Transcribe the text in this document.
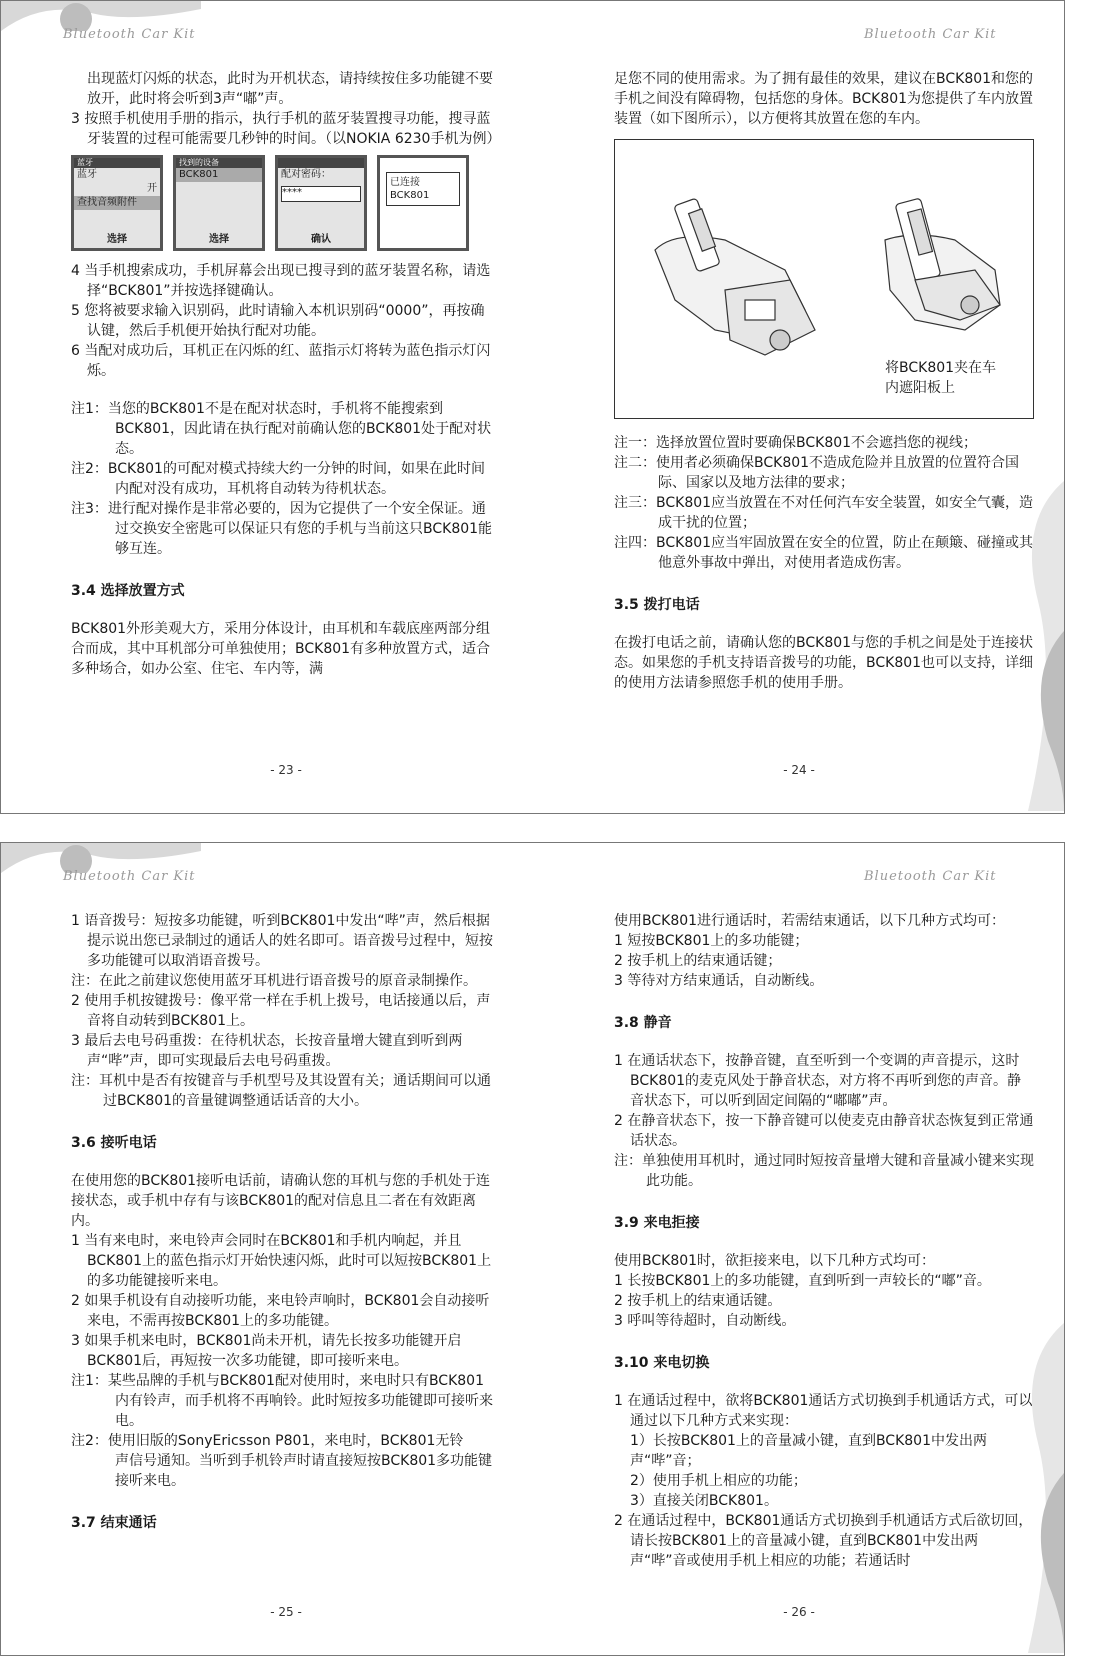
Bluetooth Car Kit

出现蓝灯闪烁的状态，此时为开机状态，请持续按住多功能键不要放开，此时将会听到3声“嘟”声。

3 按照手机使用手册的指示，执行手机的蓝牙装置搜寻功能，搜寻蓝牙装置的过程可能需要几秒钟的时间。（以NOKIA 6230手机为例）

蓝牙
蓝牙
开
查找音频附件
选择
找到的设备
BCK801
选择
配对密码：
****
确认
已连接
BCK801

4 当手机搜索成功，手机屏幕会出现已搜寻到的蓝牙装置名称，请选择“BCK801”并按选择键确认。

5 您将被要求输入识别码，此时请输入本机识别码“0000”，再按确认键，然后手机便开始执行配对功能。

6 当配对成功后，耳机正在闪烁的红、蓝指示灯将转为蓝色指示灯闪烁。

注1：当您的BCK801不是在配对状态时，手机将不能搜索到BCK801，因此请在执行配对前确认您的BCK801处于配对状态。

注2：BCK801的可配对模式持续大约一分钟的时间，如果在此时间内配对没有成功，耳机将自动转为待机状态。

注3：进行配对操作是非常必要的，因为它提供了一个安全保证。通过交换安全密匙可以保证只有您的手机与当前这只BCK801能够互连。

3.4 选择放置方式

BCK801外形美观大方，采用分体设计，由耳机和车载底座两部分组合而成，其中耳机部分可单独使用；BCK801有多种放置方式，适合多种场合，如办公室、住宅、车内等，满

- 23 -
Bluetooth Car Kit

足您不同的使用需求。为了拥有最佳的效果，建议在BCK801和您的手机之间没有障碍物，包括您的身体。BCK801为您提供了车内放置装置（如下图所示），以方便将其放置在您的车内。

将BCK801夹在车内遮阳板上

注一：选择放置位置时要确保BCK801不会遮挡您的视线；

注二：使用者必须确保BCK801不造成危险并且放置的位置符合国际、国家以及地方法律的要求；

注三：BCK801应当放置在不对任何汽车安全装置，如安全气囊，造成干扰的位置；

注四：BCK801应当牢固放置在安全的位置，防止在颠簸、碰撞或其他意外事故中弹出，对使用者造成伤害。

3.5 拨打电话

在拨打电话之前，请确认您的BCK801与您的手机之间是处于连接状态。如果您的手机支持语音拨号的功能，BCK801也可以支持，详细的使用方法请参照您手机的使用手册。

- 24 -
Bluetooth Car Kit

1 语音拨号：短按多功能键，听到BCK801中发出“哔”声，然后根据提示说出您已录制过的通话人的姓名即可。语音拨号过程中，短按多功能键可以取消语音拨号。

注：在此之前建议您使用蓝牙耳机进行语音拨号的原音录制操作。

2 使用手机按键拨号：像平常一样在手机上拨号，电话接通以后，声音将自动转到BCK801上。

3 最后去电号码重拨：在待机状态，长按音量增大键直到听到两声“哔”声，即可实现最后去电号码重拨。

注：耳机中是否有按键音与手机型号及其设置有关；通话期间可以通过BCK801的音量键调整通话话音的大小。

3.6 接听电话

在使用您的BCK801接听电话前，请确认您的耳机与您的手机处于连接状态，或手机中存有与该BCK801的配对信息且二者在有效距离内。

1 当有来电时，来电铃声会同时在BCK801和手机内响起，并且BCK801上的蓝色指示灯开始快速闪烁，此时可以短按BCK801上的多功能键接听来电。

2 如果手机设有自动接听功能，来电铃声响时，BCK801会自动接听来电，不需再按BCK801上的多功能键。

3 如果手机来电时，BCK801尚未开机，请先长按多功能键开启BCK801后，再短按一次多功能键，即可接听来电。

注1：某些品牌的手机与BCK801配对使用时，来电时只有BCK801内有铃声，而手机将不再响铃。此时短按多功能键即可接听来电。

注2：使用旧版的SonyEricsson P801，来电时，BCK801无铃

声信号通知。当听到手机铃声时请直接短按BCK801多功能键接听来电。

3.7 结束通话
- 25 -
Bluetooth Car Kit

使用BCK801进行通话时，若需结束通话，以下几种方式均可：

1 短按BCK801上的多功能键；

2 按手机上的结束通话键；

3 等待对方结束通话，自动断线。

3.8 静音

1 在通话状态下，按静音键，直至听到一个变调的声音提示，这时BCK801的麦克风处于静音状态，对方将不再听到您的声音。静音状态下，可以听到固定间隔的“嘟嘟”声。

2 在静音状态下，按一下静音键可以使麦克由静音状态恢复到正常通话状态。

注：单独使用耳机时，通过同时短按音量增大键和音量减小键来实现此功能。

3.9 来电拒接

使用BCK801时，欲拒接来电，以下几种方式均可：

1 长按BCK801上的多功能键，直到听到一声较长的“嘟”音。

2 按手机上的结束通话键。

3 呼叫等待超时，自动断线。

3.10 来电切换

1 在通话过程中，欲将BCK801通话方式切换到手机通话方式，可以通过以下几种方式来实现：

1）长按BCK801上的音量减小键，直到BCK801中发出两声“哔”音；

2）使用手机上相应的功能；

3）直接关闭BCK801。

2 在通话过程中，BCK801通话方式切换到手机通话方式后欲切回，请长按BCK801上的音量减小键，直到BCK801中发出两声“哔”音或使用手机上相应的功能；若通话时

- 26 -
